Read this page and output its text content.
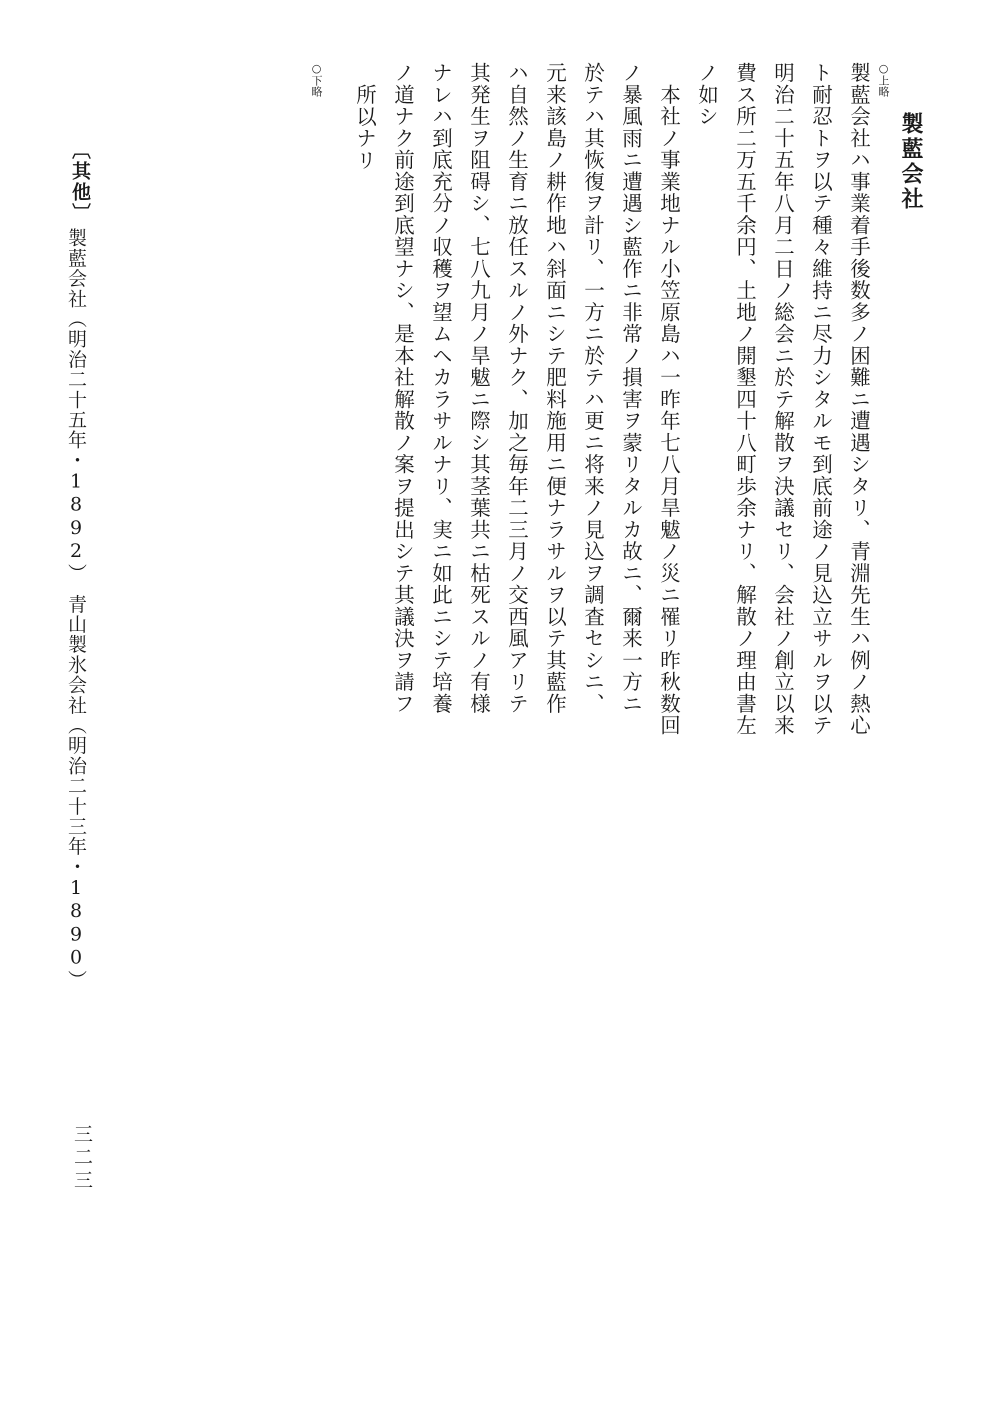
製藍会社
○上略
製藍会社ハ事業着手後数多ノ困難ニ遭遇シタリ、青淵先生ハ例ノ熱心
ト耐忍トヲ以テ種々維持ニ尽力シタルモ到底前途ノ見込立サルヲ以テ
明治二十五年八月二日ノ総会ニ於テ解散ヲ決議セリ、会社ノ創立以来
費ス所二万五千余円、土地ノ開墾四十八町歩余ナリ、解散ノ理由書左
ノ如シ
　本社ノ事業地ナル小笠原島ハ一昨年七八月旱魃ノ災ニ罹リ昨秋数回
ノ暴風雨ニ遭遇シ藍作ニ非常ノ損害ヲ蒙リタルカ故ニ、爾来一方ニ
於テハ其恢復ヲ計リ、一方ニ於テハ更ニ将来ノ見込ヲ調査セシニ、
元来該島ノ耕作地ハ斜面ニシテ肥料施用ニ便ナラサルヲ以テ其藍作
ハ自然ノ生育ニ放任スルノ外ナク、加之毎年二三月ノ交西風アリテ
其発生ヲ阻碍シ、七八九月ノ旱魃ニ際シ其茎葉共ニ枯死スルノ有様
ナレハ到底充分ノ収穫ヲ望ムヘカラサルナリ、実ニ如此ニシテ培養
ノ道ナク前途到底望ナシ、是本社解散ノ案ヲ提出シテ其議決ヲ請フ
所以ナリ
○下略
〔其他〕
製藍会社（明治二十五年・1892）　青山製氷会社（明治二十三年・1890）
三二三
